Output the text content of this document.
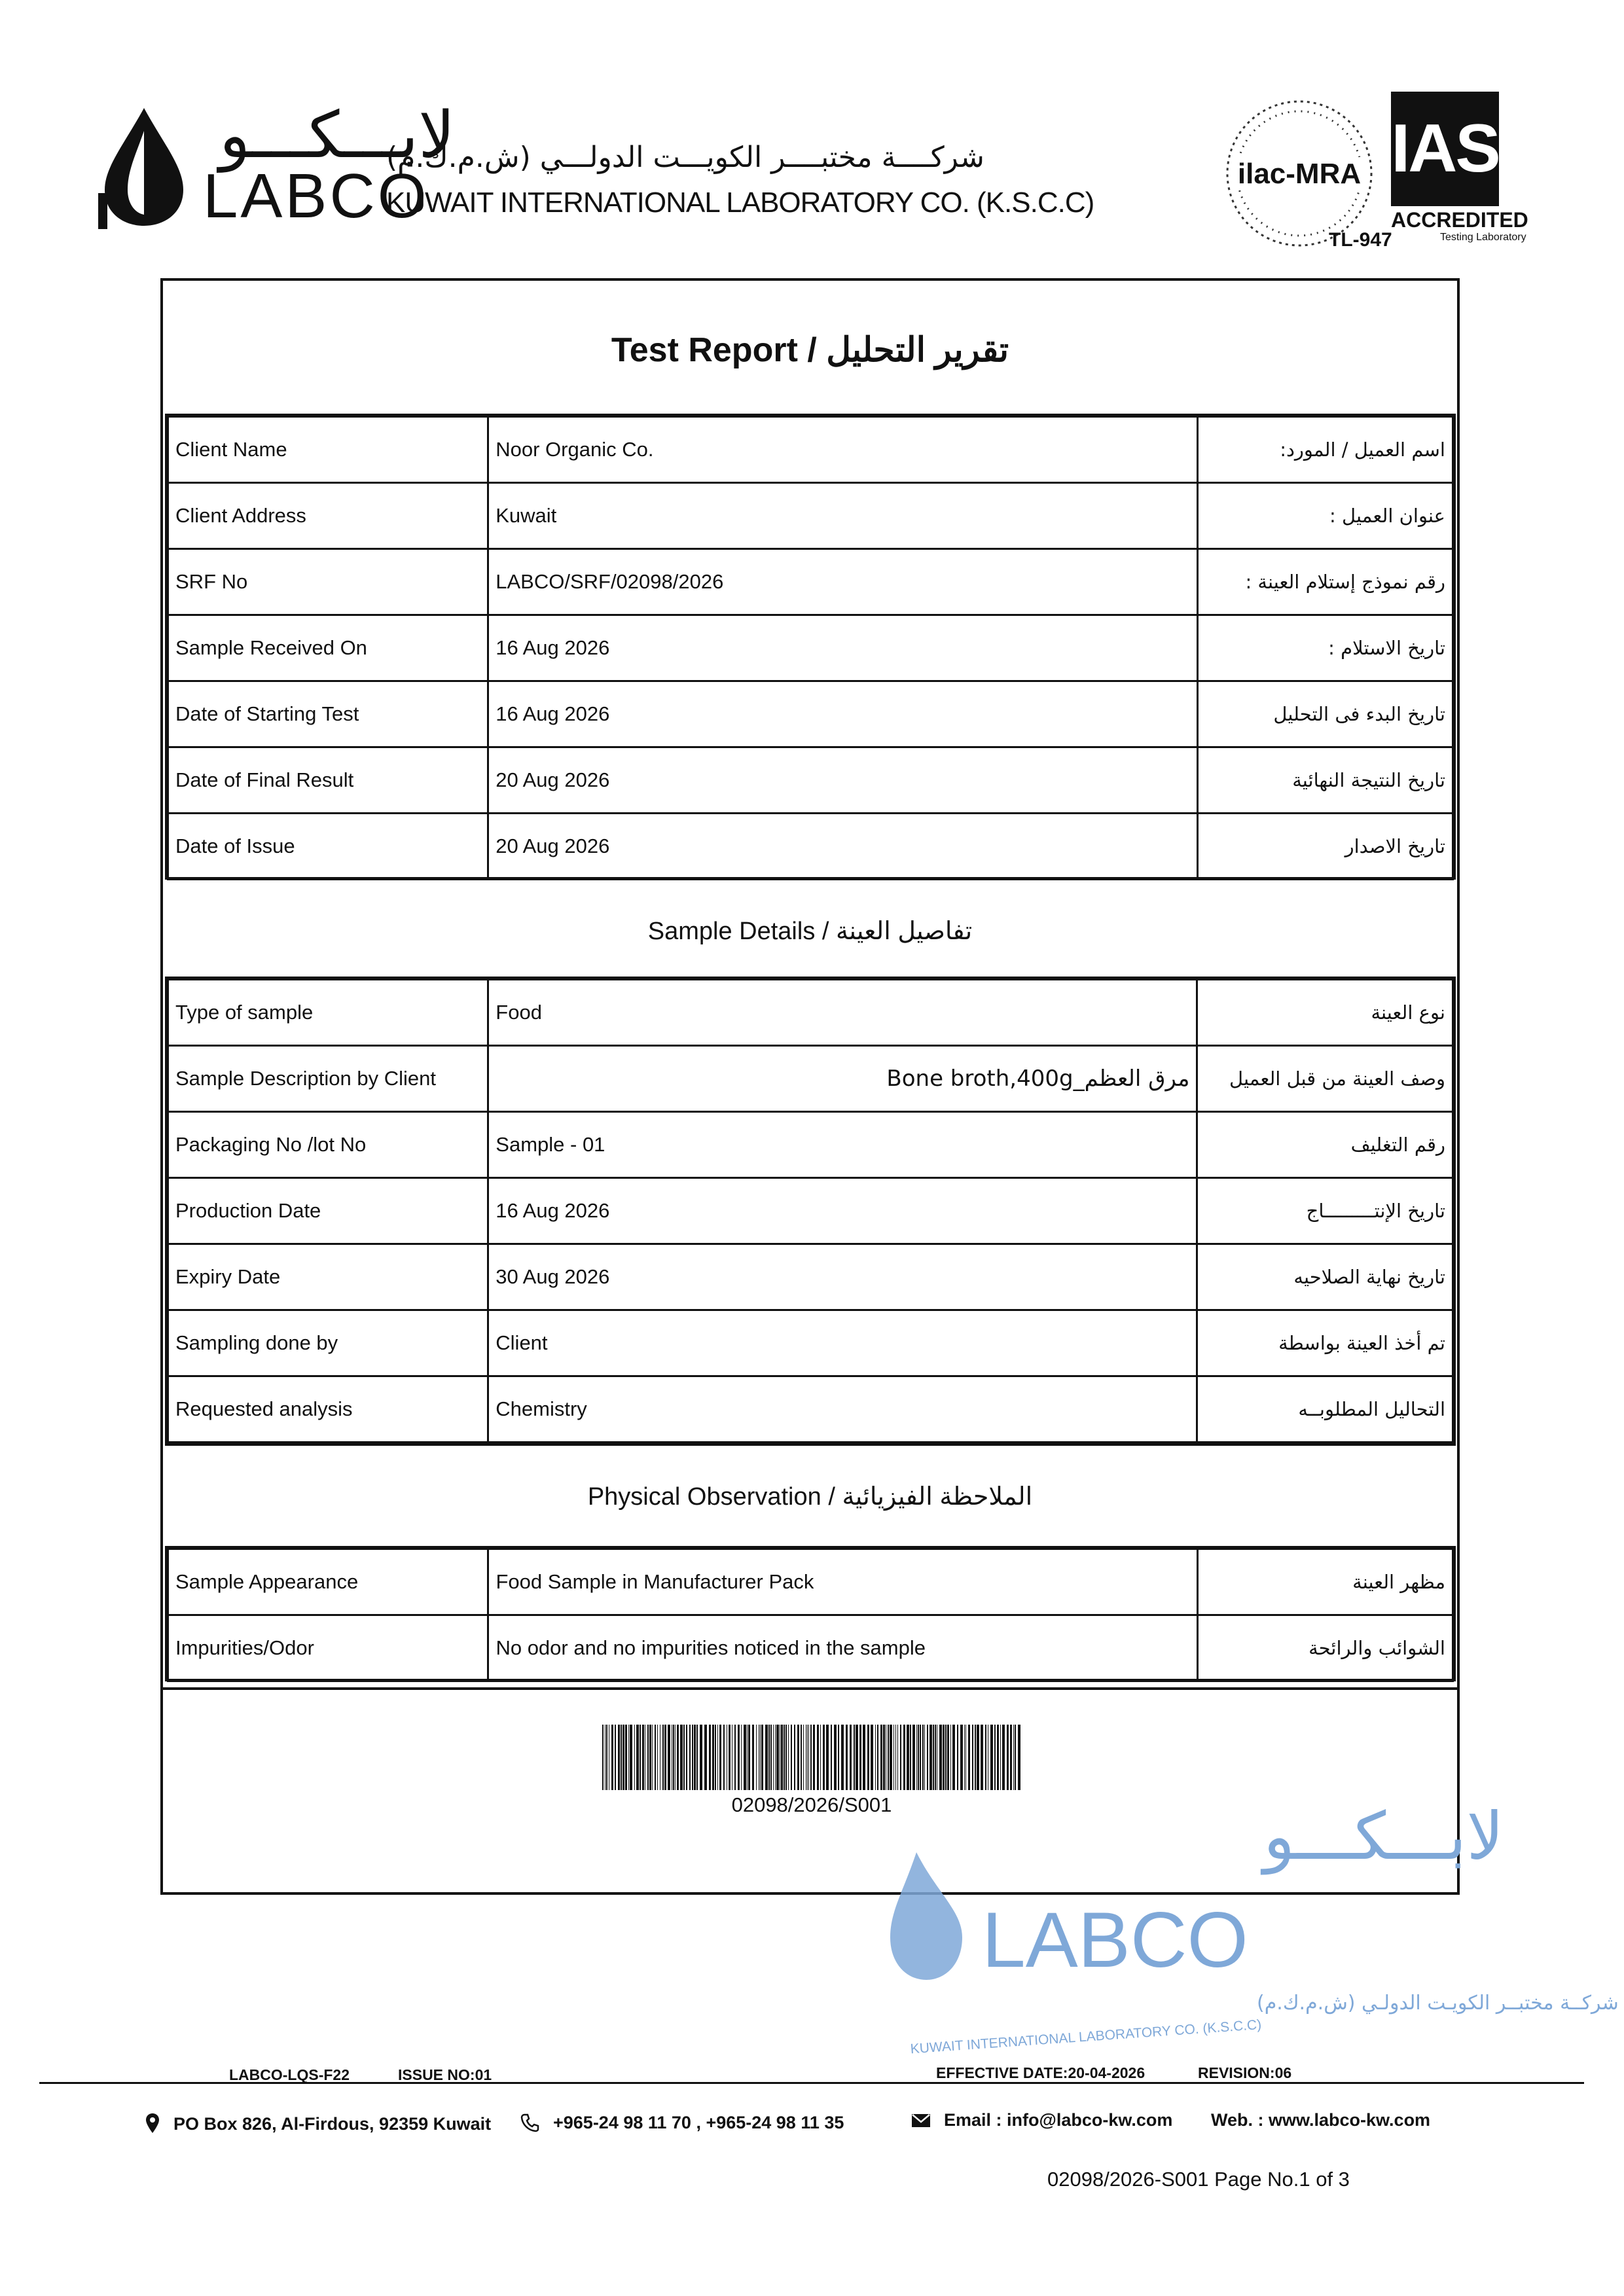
لابـــكـــو
LABCO
شركــــة مختبــــر الكويـــت الدولـــي (ش.م.ك.م)
KUWAIT INTERNATIONAL LABORATORY CO. (K.S.C.C)
ilac-MRA IAS
ACCREDITED
Testing Laboratory
TL-947
Test Report / تقرير التحليل
Client Name	Noor Organic Co.	اسم العميل / المورد:
Client Address	Kuwait	عنوان العميل :
SRF No	LABCO/SRF/02098/2026	رقم نموذج إستلام العينة :
Sample Received On	16 Aug 2026	تاريخ الاستلام :
Date of Starting Test	16 Aug 2026	تاريخ البدء فى التحليل
Date of Final Result	20 Aug 2026	تاريخ النتيجة النهائية
Date of Issue	20 Aug 2026	تاريخ الاصدار
Sample Details / تفاصيل العينة
Type of sample	Food	نوع العينة
Sample Description by Client	Bone broth,400g_مرق العظم	وصف العينة من قبل العميل
Packaging No /lot No	Sample - 01	رقم التغليف
Production Date	16 Aug 2026	تاريخ الإنتـــــــــاج
Expiry Date	30 Aug 2026	تاريخ نهاية الصلاحيه
Sampling done by	Client	تم أخذ العينة بواسطة
Requested analysis	Chemistry	التحاليل المطلوبــه
Physical Observation / الملاحظة الفيزيائية
Sample Appearance	Food Sample in Manufacturer Pack	مظهر العينة
Impurities/Odor	No odor and no impurities noticed in the sample	الشوائب والرائحة
02098/2026/S001	لابـــكـــو
LABCO
شركــة مختبــر الكويـت الدولـي (ش.م.ك.م)
KUWAIT INTERNATIONAL LABORATORY CO. (K.S.C.C)
LABCO-LQS-F22	ISSUE NO:01	EFFECTIVE DATE:20-04-2026	REVISION:06
PO Box 826, Al-Firdous, 92359 Kuwait	+965-24 98 11 70 , +965-24 98 11 35	Email : info@labco-kw.com Web. : www.labco-kw.com
02098/2026-S001 Page No.1 of 3
